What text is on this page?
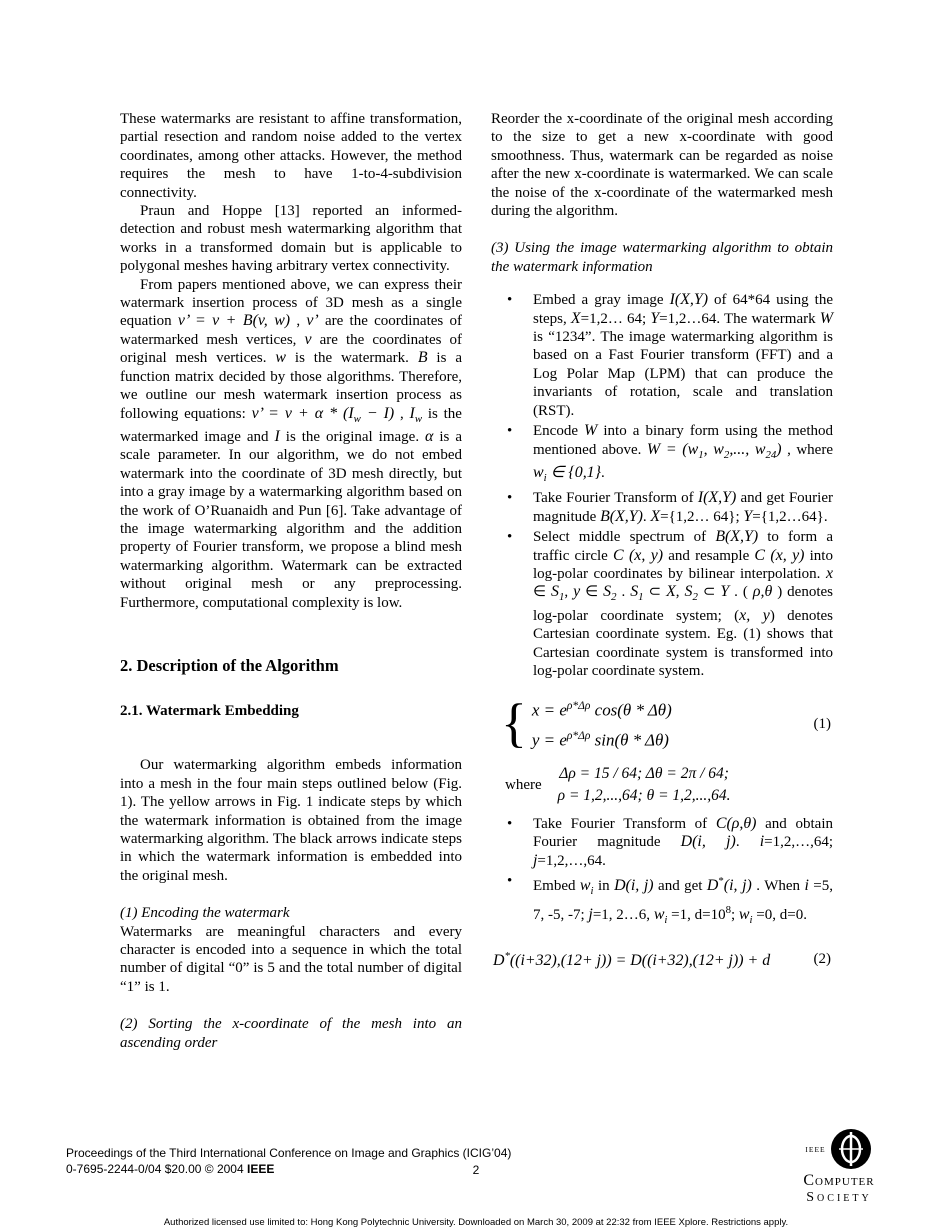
These watermarks are resistant to affine transformation, partial resection and random noise added to the vertex coordinates, among other attacks. However, the method requires the mesh to have 1-to-4-subdivision connectivity.

Praun and Hoppe [13] reported an informed-detection and robust mesh watermarking algorithm that works in a transformed domain but is applicable to polygonal meshes having arbitrary vertex connectivity.

From papers mentioned above, we can express their watermark insertion process of 3D mesh as a single equation v’ = v + B(v, w) , v’ are the coordinates of watermarked mesh vertices, v are the coordinates of original mesh vertices. w is the watermark. B is a function matrix decided by those algorithms. Therefore, we outline our mesh watermark insertion process as following equations: v’ = $v + \alpha * (I_w - I)$ , $I_w$ is the watermarked image and I is the original image. α is a scale parameter. In our algorithm, we do not embed watermark into the coordinate of 3D mesh directly, but into a gray image by a watermarking algorithm based on the work of O’Ruanaidh and Pun [6]. Take advantage of the image watermarking algorithm and the addition property of Fourier transform, we propose a blind mesh watermarking algorithm. Watermark can be extracted without original mesh or any preprocessing. Furthermore, computational complexity is low.

2. Description of the Algorithm
2.1. Watermark Embedding

Our watermarking algorithm embeds information into a mesh in the four main steps outlined below (Fig. 1). The yellow arrows in Fig. 1 indicate steps by which the watermark information is obtained from the image watermarking algorithm. The black arrows indicate steps in which the watermark information is embedded into the original mesh.

(1) Encoding the watermark

Watermarks are meaningful characters and every character is encoded into a sequence in which the total number of digital “0” is 5 and the total number of digital “1” is 1.

(2) Sorting the x-coordinate of the mesh into an ascending order

Reorder the x-coordinate of the original mesh according to the size to get a new x-coordinate with good smoothness. Thus, watermark can be regarded as noise after the new x-coordinate is watermarked. We can scale the noise of the x-coordinate of the watermarked mesh during the algorithm.

(3) Using the image watermarking algorithm to obtain the watermark information

•	Embed a gray image I(X,Y) of 64*64 using the steps, X=1,2… 64; Y=1,2…64. The watermark W is “1234”. The image watermarking algorithm is based on a Fast Fourier transform (FFT) and a Log Polar Map (LPM) that can produce the invariants of rotation, scale and translation (RST).
•	Encode W into a binary form using the method mentioned above. $W = (w_1$, $w_2$,..., $w_{24}$) , where $w_i$ ∈ {0,1}.
•	Take Fourier Transform of I(X,Y) and get Fourier magnitude B(X,Y). X={1,2… 64}; Y={1,2…64}.
•	Select middle spectrum of B(X,Y) to form a traffic circle C (x, y) and resample C (x, y) into log-polar coordinates by bilinear interpolation. x ∈ $S_1$, y ∈ $S_2$ . $S_1$ ⊂ X, $S_2$ ⊂ Y . ( ρ,θ ) denotes log-polar coordinate system; (x, y) denotes Cartesian coordinate system. Eg. (1) shows that Cartesian coordinate system is transformed into log-polar coordinate system.
{ $x = e^{\rho*\Delta\rho}$ cos(θ * Δθ)
$y = e^{\rho*\Delta\rho}$ sin(θ * Δθ)
(1)
where
Δρ = 15 / 64; Δθ = 2π / 64;
ρ = 1,2,...,64; θ = 1,2,...,64.
•	Take Fourier Transform of C(ρ,θ) and obtain Fourier magnitude D(i, j). i=1,2,…,64; j=1,2,…,64.
•	Embed $w_i$ in D(i, j) and get D*(i, j) . When i =5, 7, -5, -7; j=1, 2…6, $w_i =1$, $d=10^8$; $w_i =0$, d=0.
D*((i+32),(12+ j)) = D((i+32),(12+ j)) + d	(2)
Proceedings of the Third International Conference on Image and Graphics (ICIG’04)
0-7695-2244-0/04 $20.00 © 2004 IEEE	2
IEEE
Computer
Society
Authorized licensed use limited to: Hong Kong Polytechnic University. Downloaded on March 30, 2009 at 22:32 from IEEE Xplore. Restrictions apply.
